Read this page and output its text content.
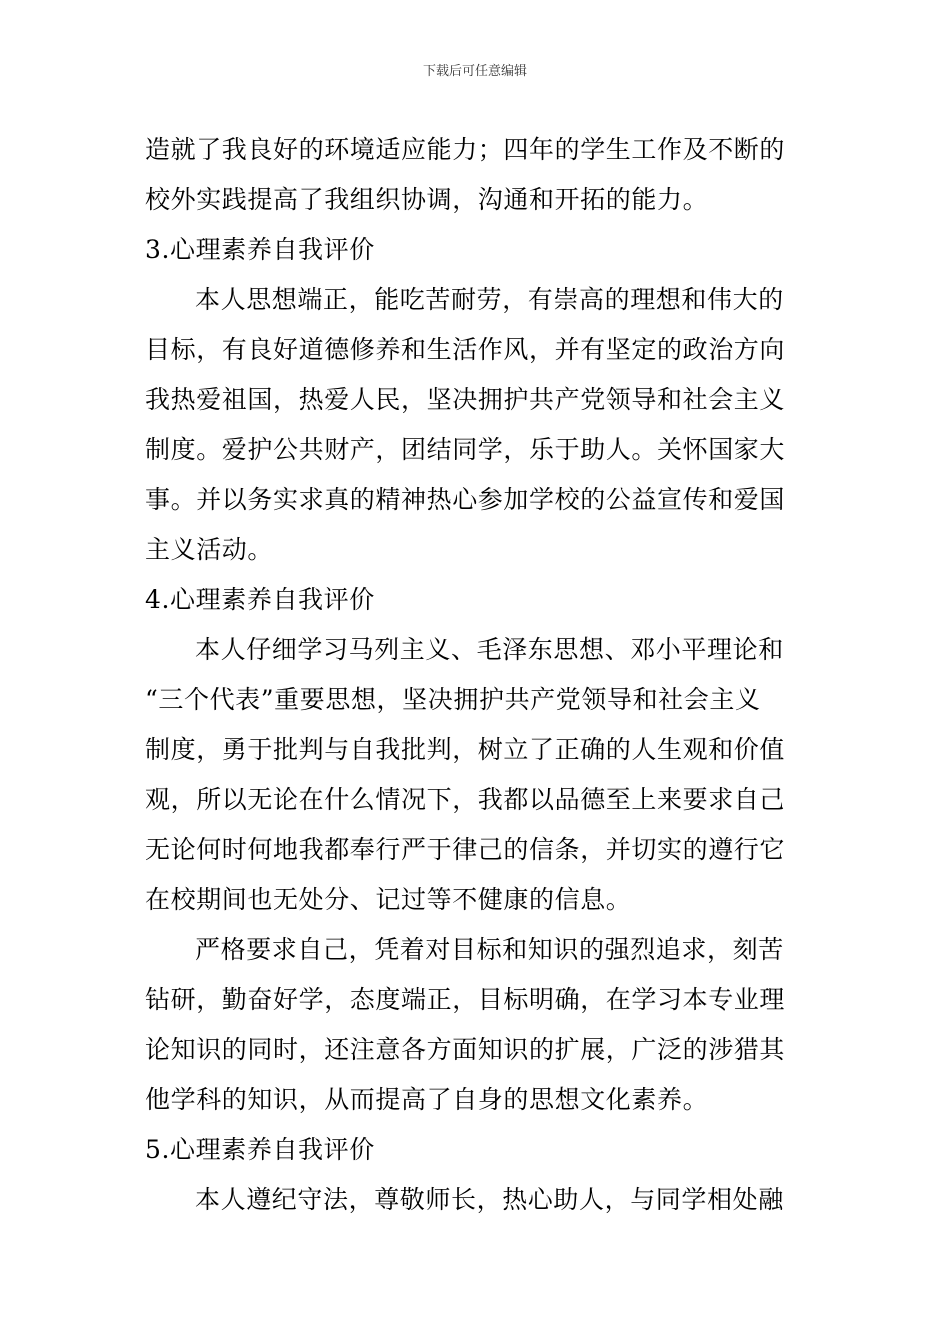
下载后可任意编辑
造就了我良好的环境适应能力；四年的学生工作及不断的
校外实践提高了我组织协调，沟通和开拓的能力。
3.心理素养自我评价
本人思想端正，能吃苦耐劳，有崇高的理想和伟大的
目标，有良好道德修养和生活作风，并有坚定的政治方向
我热爱祖国，热爱人民，坚决拥护共产党领导和社会主义
制度。爱护公共财产，团结同学，乐于助人。关怀国家大
事。并以务实求真的精神热心参加学校的公益宣传和爱国
主义活动。
4.心理素养自我评价
本人仔细学习马列主义、毛泽东思想、邓小平理论和
“三个代表”重要思想，坚决拥护共产党领导和社会主义
制度，勇于批判与自我批判，树立了正确的人生观和价值
观，所以无论在什么情况下，我都以品德至上来要求自己
无论何时何地我都奉行严于律己的信条，并切实的遵行它
在校期间也无处分、记过等不健康的信息。
严格要求自己，凭着对目标和知识的强烈追求，刻苦
钻研，勤奋好学，态度端正，目标明确，在学习本专业理
论知识的同时，还注意各方面知识的扩展，广泛的涉猎其
他学科的知识，从而提高了自身的思想文化素养。
5.心理素养自我评价
本人遵纪守法，尊敬师长，热心助人，与同学相处融
